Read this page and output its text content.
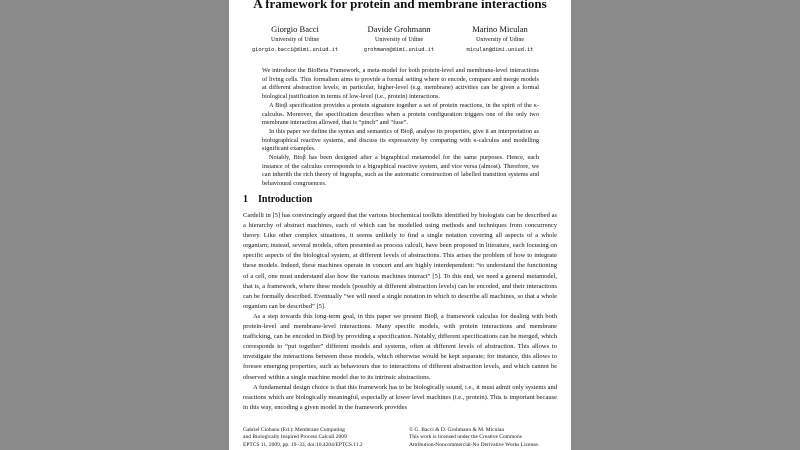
A framework for protein and membrane interactions
Giorgio Bacci
University of Udine
giorgio.bacci@dimi.uniud.it
Davide Grohmann
University of Udine
grohmann@dimi.uniud.it
Marino Miculan
University of Udine
miculan@dimi.uniud.it

We introduce the BioBeta Framework, a meta-model for both protein-level and membrane-level interactions of living cells. This formalism aims to provide a formal setting where to encode, compare and merge models at different abstraction levels; in particular, higher-level (e.g. membrane) activities can be given a formal biological justification in terms of low-level (i.e., protein) interactions.

A Bioβ specification provides a protein signature together a set of protein reactions, in the spirit of the κ-calculus. Moreover, the specification describes when a protein configuration triggers one of the only two membrane interaction allowed, that is “pinch” and “fuse”.

In this paper we define the syntax and semantics of Bioβ, analyse its properties, give it an interpretation as biobigraphical reactive systems, and discuss its expressivity by comparing with κ-calculus and modelling significant examples.

Notably, Bioβ has been designed after a bigraphical metamodel for the same purposes. Hence, each instance of the calculus corresponds to a bigraphical reactive system, and vice versa (almost). Therefore, we can inherith the rich theory of bigraphs, such as the automatic construction of labelled transition systems and behavioural congruences.

1 Introduction

Cardelli in [5] has convincingly argued that the various biochemical toolkits identified by biologists can be described as a hierarchy of abstract machines, each of which can be modelled using methods and techniques from concurrency theory. Like other complex situations, it seems unlikely to find a single notation covering all aspects of a whole organism; instead, several models, often presented as process calculi, have been proposed in literature, each focusing on specific aspects of the biological system, at different levels of abstractions. This arises the problem of how to integrate these models. Indeed, these machines operate in concert and are highly interdependent: “to understand the functioning of a cell, one must understand also how the various machines interact” [5]. To this end, we need a general metamodel, that is, a framework, where these models (possibly at different abstraction levels) can be encoded, and their interactions can be formally described. Eventually “we will need a single notation in which to describe all machines, so that a whole organism can be described” [5].

As a step towards this long-term goal, in this paper we present Bioβ, a framework calculus for dealing with both protein-level and membrane-level interactions. Many specific models, with protein interactions and membrane trafficking, can be encoded in Bioβ by providing a specification. Notably, different specifications can be merged, which corresponds to “put together” different models and systems, often at different levels of abstraction. This allows to investigate the interactions between these models, which otherwise would be kept separate; for instance, this allows to foresee emerging properties, such as behaviours due to interactions of different abstraction levels, and which cannot be observed within a single machine model due to its intrinsic abstractions.

A fundamental design choice is that this framework has to be biologically sound, i.e., it must admit only systems and reactions which are biologically meaningful, especially at lower level machines (i.e., protein). This is important because in this way, encoding a given model in the framework provides

Gabriel Ciobanu (Ed.): Membrane Computing
and Biologically Inspired Process Calculi 2009
EPTCS 11, 2009, pp. 19–33, doi:10.4204/EPTCS.11.2
© G. Bacci & D. Grohmann & M. Miculan
This work is licensed under the Creative Commons
Attribution-Noncommercial-No Derivative Works License.
